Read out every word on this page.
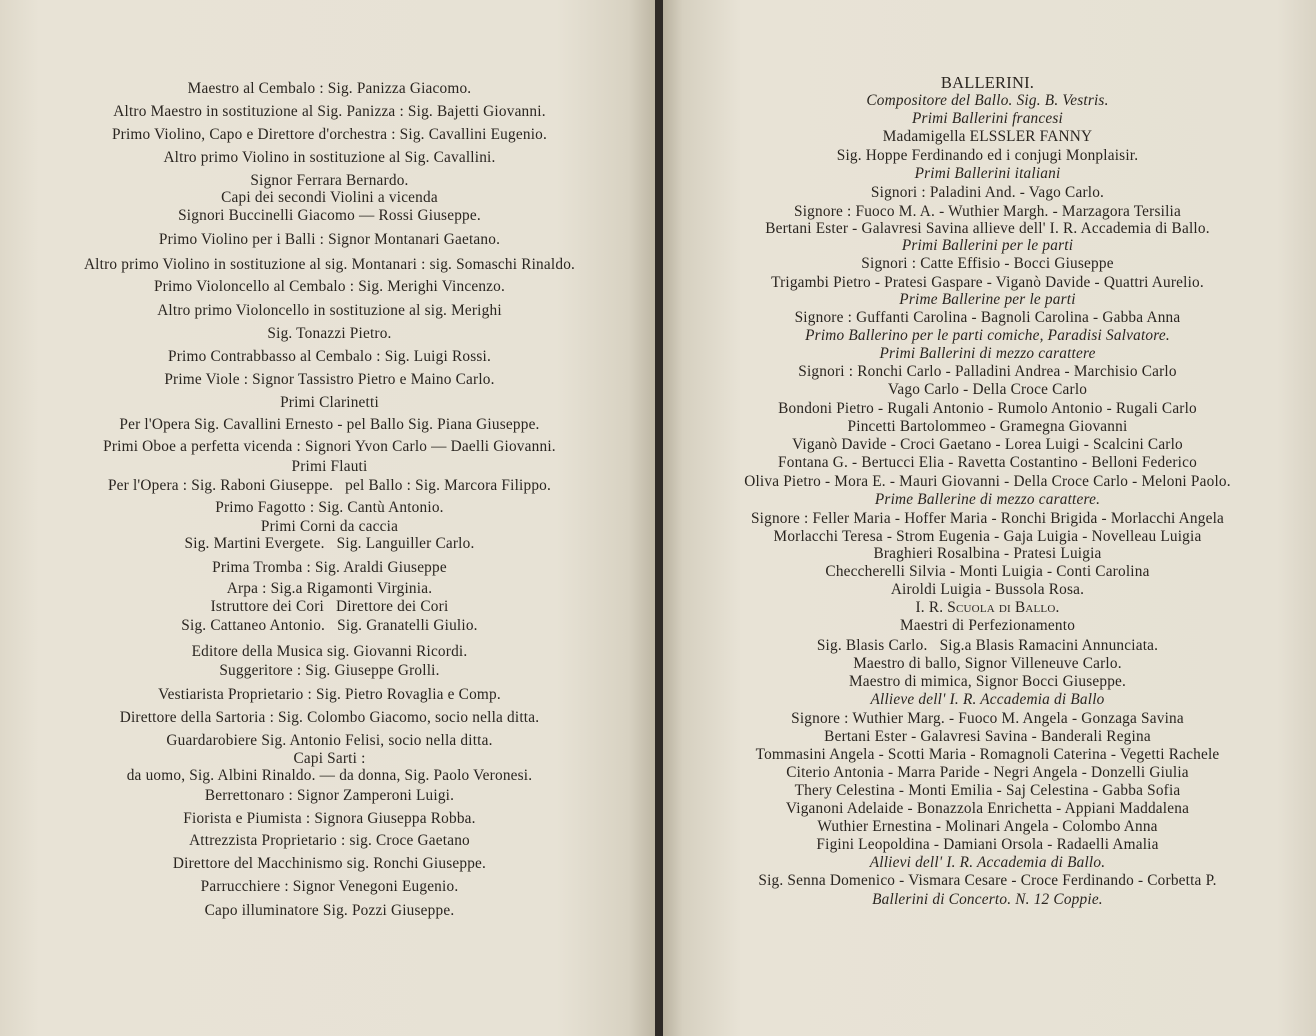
Maestro al Cembalo : Sig. Panizza Giacomo.
Altro Maestro in sostituzione al Sig. Panizza : Sig. Bajetti Giovanni.
Primo Violino, Capo e Direttore d'orchestra : Sig. Cavallini Eugenio.
Altro primo Violino in sostituzione al Sig. Cavallini.
Signor Ferrara Bernardo.
Capi dei secondi Violini a vicenda
Signori Buccinelli Giacomo — Rossi Giuseppe.
Primo Violino per i Balli : Signor Montanari Gaetano.
Altro primo Violino in sostituzione al sig. Montanari : sig. Somaschi Rinaldo.
Primo Violoncello al Cembalo : Sig. Merighi Vincenzo.
Altro primo Violoncello in sostituzione al sig. Merighi
Sig. Tonazzi Pietro.
Primo Contrabbasso al Cembalo : Sig. Luigi Rossi.
Prime Viole : Signor Tassistro Pietro e Maino Carlo.
Primi Clarinetti
Per l'Opera Sig. Cavallini Ernesto - pel Ballo Sig. Piana Giuseppe.
Primi Oboe a perfetta vicenda : Signori Yvon Carlo — Daelli Giovanni.
Primi Flauti
Per l'Opera : Sig. Raboni Giuseppe.   pel Ballo : Sig. Marcora Filippo.
Primo Fagotto : Sig. Cantù Antonio.
Primi Corni da caccia
Sig. Martini Evergete.   Sig. Languiller Carlo.
Prima Tromba : Sig. Araldi Giuseppe
Arpa : Sig.a Rigamonti Virginia.
Istruttore dei Cori   Direttore dei Cori
Sig. Cattaneo Antonio.   Sig. Granatelli Giulio.
Editore della Musica sig. Giovanni Ricordi.
Suggeritore : Sig. Giuseppe Grolli.
Vestiarista Proprietario : Sig. Pietro Rovaglia e Comp.
Direttore della Sartoria : Sig. Colombo Giacomo, socio nella ditta.
Guardarobiere Sig. Antonio Felisi, socio nella ditta.
Capi Sarti :
da uomo, Sig. Albini Rinaldo. — da donna, Sig. Paolo Veronesi.
Berrettonaro : Signor Zamperoni Luigi.
Fiorista e Piumista : Signora Giuseppa Robba.
Attrezzista Proprietario : sig. Croce Gaetano
Direttore del Macchinismo sig. Ronchi Giuseppe.
Parrucchiere : Signor Venegoni Eugenio.
Capo illuminatore Sig. Pozzi Giuseppe.
BALLERINI.
Compositore del Ballo. Sig. B. Vestris.
Primi Ballerini francesi
Madamigella ELSSLER FANNY
Sig. Hoppe Ferdinando ed i conjugi Monplaisir.
Primi Ballerini italiani
Signori : Paladini And. - Vago Carlo.
Signore : Fuoco M. A. - Wuthier Margh. - Marzagora Tersilia
Bertani Ester - Galavresi Savina allieve dell' I. R. Accademia di Ballo.
Primi Ballerini per le parti
Signori : Catte Effisio - Bocci Giuseppe
Trigambi Pietro - Pratesi Gaspare - Viganò Davide - Quattri Aurelio.
Prime Ballerine per le parti
Signore : Guffanti Carolina - Bagnoli Carolina - Gabba Anna
Primo Ballerino per le parti comiche, Paradisi Salvatore.
Primi Ballerini di mezzo carattere
Signori : Ronchi Carlo - Palladini Andrea - Marchisio Carlo
Vago Carlo - Della Croce Carlo
Bondoni Pietro - Rugali Antonio - Rumolo Antonio - Rugali Carlo
Pincetti Bartolommeo - Gramegna Giovanni
Viganò Davide - Croci Gaetano - Lorea Luigi - Scalcini Carlo
Fontana G. - Bertucci Elia - Ravetta Costantino - Belloni Federico
Oliva Pietro - Mora E. - Mauri Giovanni - Della Croce Carlo - Meloni Paolo.
Prime Ballerine di mezzo carattere.
Signore : Feller Maria - Hoffer Maria - Ronchi Brigida - Morlacchi Angela
Morlacchi Teresa - Strom Eugenia - Gaja Luigia - Novelleau Luigia
Braghieri Rosalbina - Pratesi Luigia
Checcherelli Silvia - Monti Luigia - Conti Carolina
Airoldi Luigia - Bussola Rosa.
I. R. Scuola di Ballo.
Maestri di Perfezionamento
Sig. Blasis Carlo.   Sig.a Blasis Ramacini Annunciata.
Maestro di ballo, Signor Villeneuve Carlo.
Maestro di mimica, Signor Bocci Giuseppe.
Allieve dell' I. R. Accademia di Ballo
Signore : Wuthier Marg. - Fuoco M. Angela - Gonzaga Savina
Bertani Ester - Galavresi Savina - Banderali Regina
Tommasini Angela - Scotti Maria - Romagnoli Caterina - Vegetti Rachele
Citerio Antonia - Marra Paride - Negri Angela - Donzelli Giulia
Thery Celestina - Monti Emilia - Saj Celestina - Gabba Sofia
Viganoni Adelaide - Bonazzola Enrichetta - Appiani Maddalena
Wuthier Ernestina - Molinari Angela - Colombo Anna
Figini Leopoldina - Damiani Orsola - Radaelli Amalia
Allievi dell' I. R. Accademia di Ballo.
Sig. Senna Domenico - Vismara Cesare - Croce Ferdinando - Corbetta P.
Ballerini di Concerto. N. 12 Coppie.
